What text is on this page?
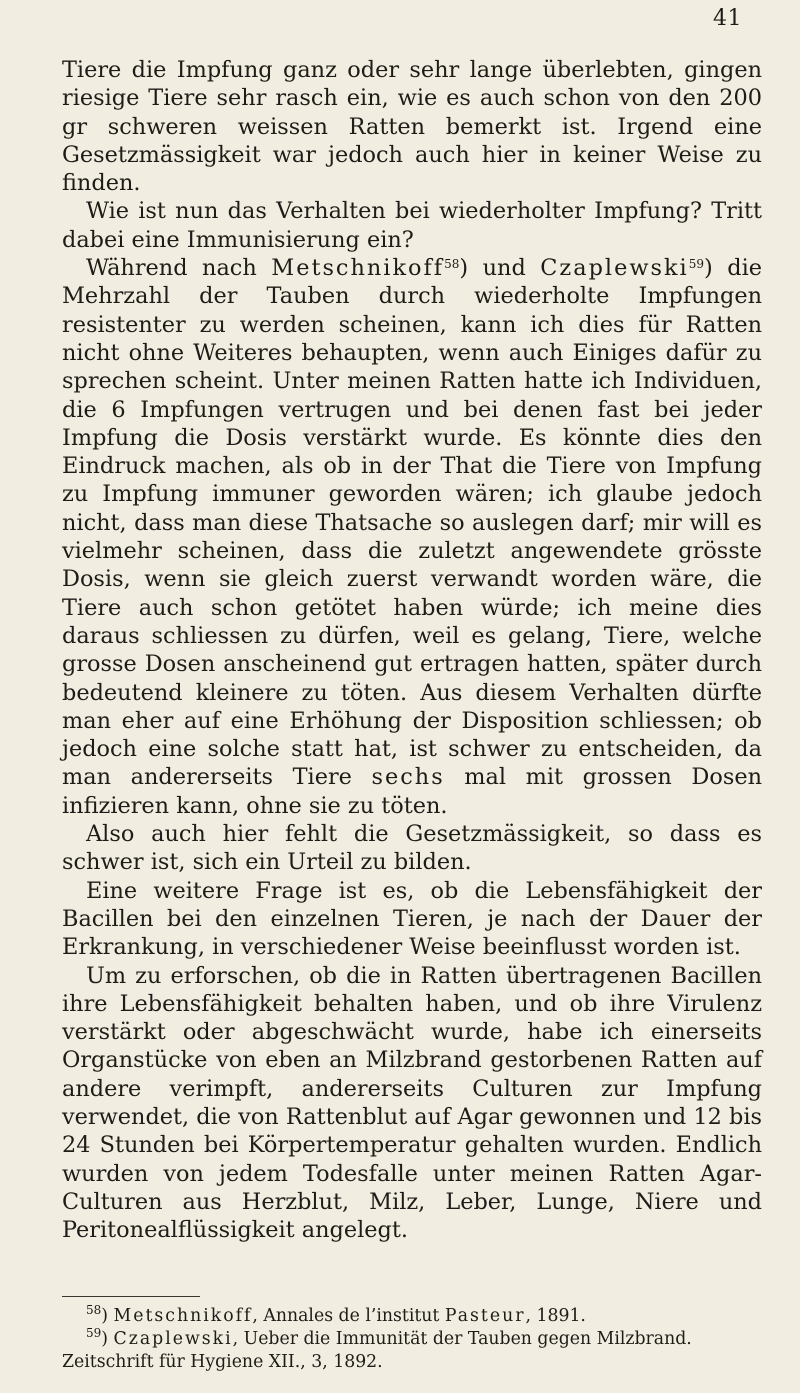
41

Tiere die Impfung ganz oder sehr lange überlebten, gingen riesige Tiere sehr rasch ein, wie es auch schon von den 200 gr schweren weissen Ratten bemerkt ist. Irgend eine Gesetzmässigkeit war jedoch auch hier in keiner Weise zu finden.

Wie ist nun das Verhalten bei wiederholter Impfung? Tritt dabei eine Immunisierung ein?

Während nach Metschnikoff$^{58}$) und Czaplewski$^{59}$) die Mehrzahl der Tauben durch wiederholte Impfungen resistenter zu werden scheinen, kann ich dies für Ratten nicht ohne Weiteres behaupten, wenn auch Einiges dafür zu sprechen scheint. Unter meinen Ratten hatte ich Individuen, die 6 Impfungen vertrugen und bei denen fast bei jeder Impfung die Dosis verstärkt wurde. Es könnte dies den Eindruck machen, als ob in der That die Tiere von Impfung zu Impfung immuner geworden wären; ich glaube jedoch nicht, dass man diese Thatsache so auslegen darf; mir will es vielmehr scheinen, dass die zuletzt angewendete grösste Dosis, wenn sie gleich zuerst verwandt worden wäre, die Tiere auch schon getötet haben würde; ich meine dies daraus schliessen zu dürfen, weil es gelang, Tiere, welche grosse Dosen anscheinend gut ertragen hatten, später durch bedeutend kleinere zu töten. Aus diesem Verhalten dürfte man eher auf eine Erhöhung der Disposition schliessen; ob jedoch eine solche statt hat, ist schwer zu entscheiden, da man andererseits Tiere sechs mal mit grossen Dosen infizieren kann, ohne sie zu töten.

Also auch hier fehlt die Gesetzmässigkeit, so dass es schwer ist, sich ein Urteil zu bilden.

Eine weitere Frage ist es, ob die Lebensfähigkeit der Bacillen bei den einzelnen Tieren, je nach der Dauer der Erkrankung, in verschiedener Weise beeinflusst worden ist.

Um zu erforschen, ob die in Ratten übertragenen Bacillen ihre Lebensfähigkeit behalten haben, und ob ihre Virulenz verstärkt oder abgeschwächt wurde, habe ich einerseits Organstücke von eben an Milzbrand gestorbenen Ratten auf andere verimpft, andererseits Culturen zur Impfung verwendet, die von Rattenblut auf Agar gewonnen und 12 bis 24 Stunden bei Körpertemperatur gehalten wurden. Endlich wurden von jedem Todesfalle unter meinen Ratten Agar-Culturen aus Herzblut, Milz, Leber, Lunge, Niere und Peritonealflüssigkeit angelegt.

$^{58}$) Metschnikoff, Annales de l’institut Pasteur, 1891.

$^{59}$) Czaplewski, Ueber die Immunität der Tauben gegen Milzbrand. Zeitschrift für Hygiene XII., 3, 1892.
